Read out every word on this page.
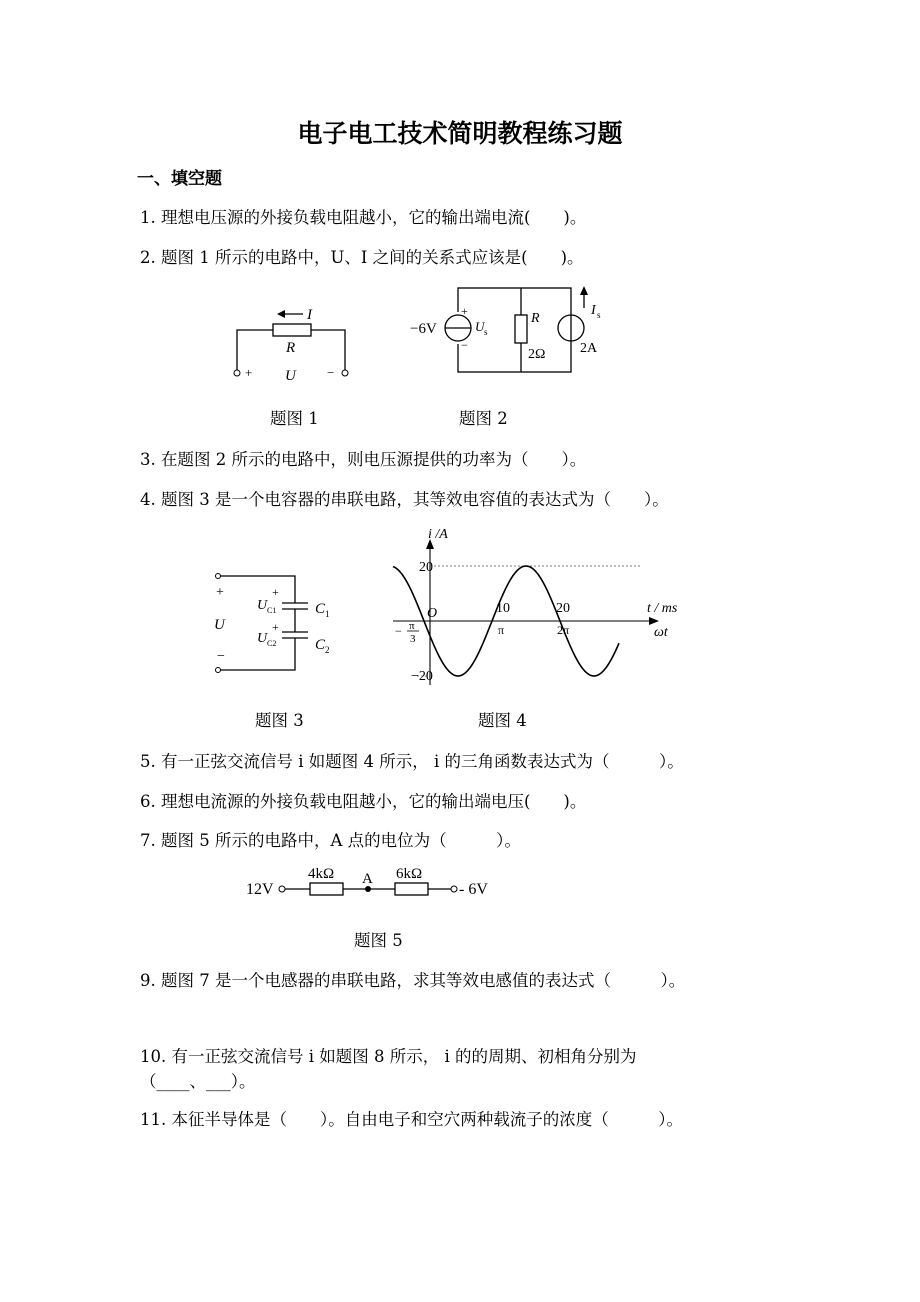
电子电工技术简明教程练习题
一、填空题
1. 理想电压源的外接负载电阻越小，它的输出端电流(　　)。
2. 题图 1 所示的电路中，U、I 之间的关系式应该是(　　)。
I
R
+ U −
题图 1
−6V
+
−
U s
R
2Ω
I s
2A
题图 2
3. 在题图 2 所示的电路中，则电压源提供的功率为（　　）。
4. 题图 3 是一个电容器的串联电路，其等效电容值的表达式为（　　）。
+
U
−
+
U C1
+
U C2
C 1
C 2
题图 3
i /A
20
−20
O	10	20
π	2π
− π
3
t / ms
ωt
题图 4
5. 有一正弦交流信号 i 如题图 4 所示， i 的三角函数表达式为（　　　）。
6. 理想电流源的外接负载电阻越小，它的输出端电压(　　)。
7. 题图 5 所示的电路中，A 点的电位为（　　　）。
12V
4kΩ A 6kΩ
- 6V
题图 5
9. 题图 7 是一个电感器的串联电路，求其等效电感值的表达式（　　　）。
10. 有一正弦交流信号 i 如题图 8 所示， i 的的周期、初相角分别为
（____、___）。
11. 本征半导体是（　　）。自由电子和空穴两种载流子的浓度（　　　）。
